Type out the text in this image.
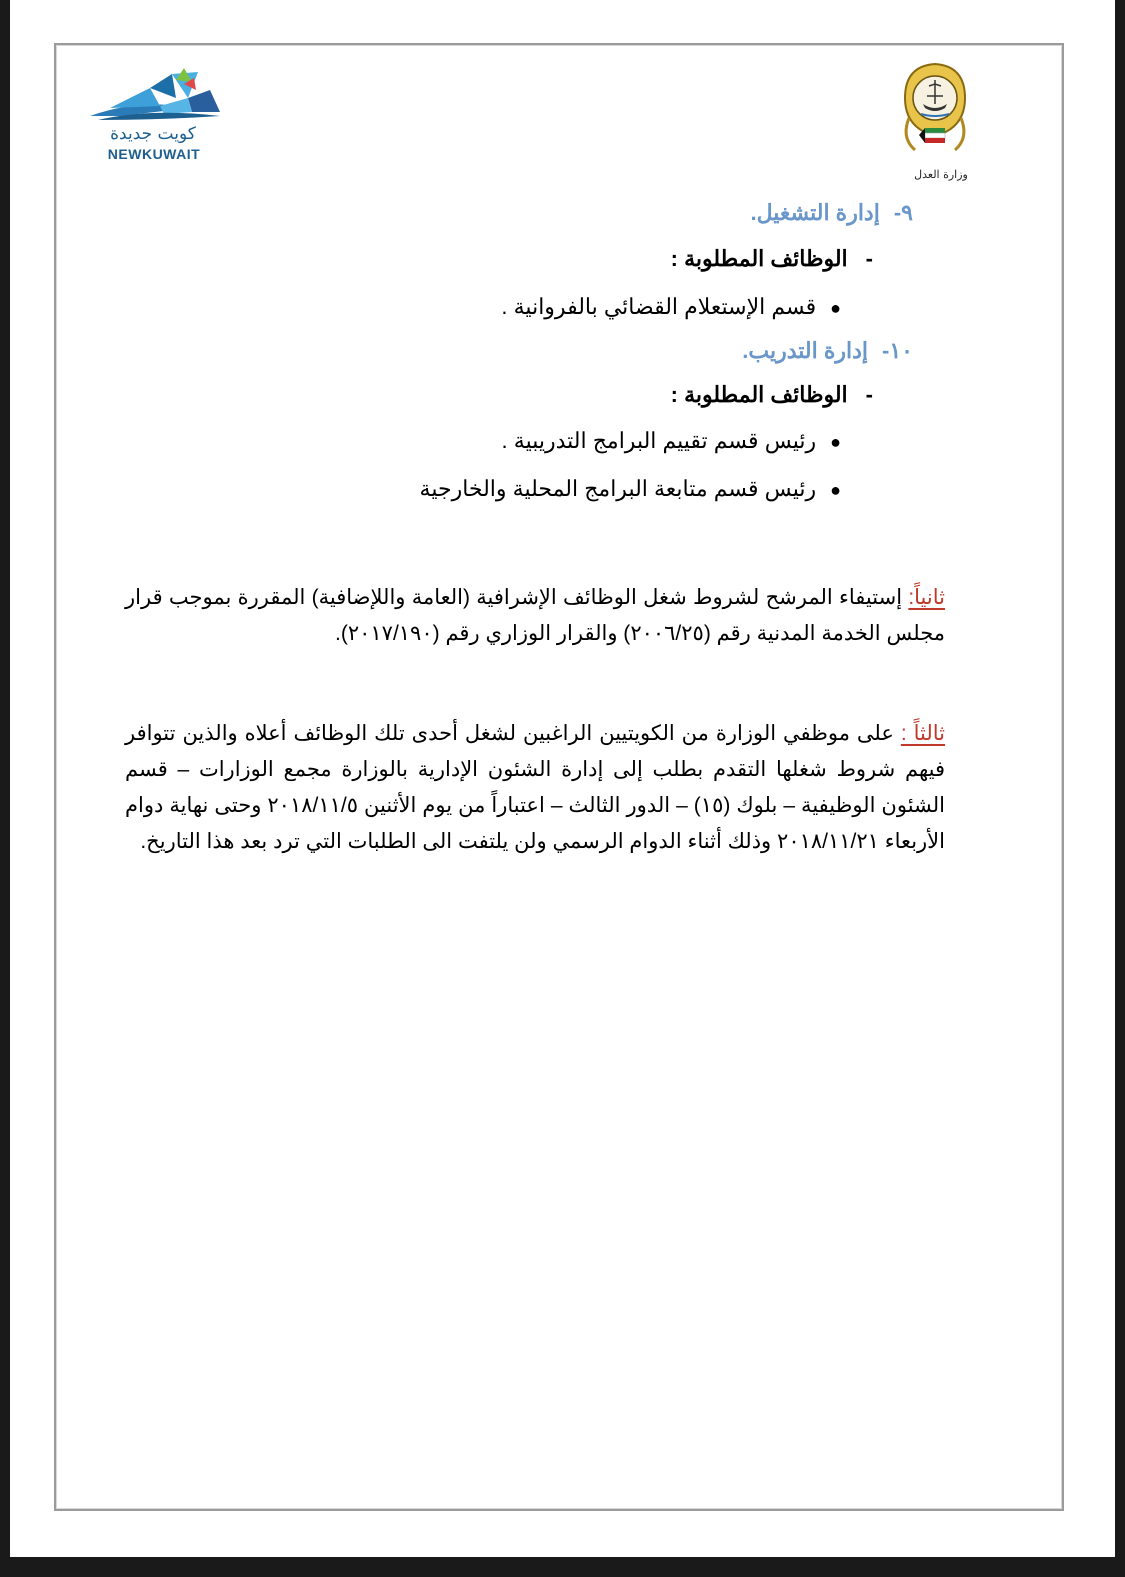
كويت جديدة
NEWKUWAIT
وزارة العدل
٩-إدارة التشغيل.
-الوظائف المطلوبة :
●قسم الإستعلام القضائي بالفروانية .
١٠-إدارة التدريب.
-الوظائف المطلوبة :
●رئيس قسم تقييم البرامج التدريبية .
●رئيس قسم متابعة البرامج المحلية والخارجية
ثانياً: إستيفاء المرشح لشروط شغل الوظائف الإشرافية (العامة واللإضافية) المقررة بموجب قرار مجلس الخدمة المدنية رقم (٢٠٠٦/٢٥) والقرار الوزاري رقم (٢٠١٧/١٩٠).
ثالثاً : على موظفي الوزارة من الكويتيين الراغبين لشغل أحدى تلك الوظائف أعلاه والذين تتوافر فيهم شروط شغلها التقدم بطلب إلى إدارة الشئون الإدارية بالوزارة مجمع الوزارات – قسم الشئون الوظيفية – بلوك (١٥) – الدور الثالث – اعتباراً من يوم الأثنين ٢٠١٨/١١/٥ وحتى نهاية دوام الأربعاء ٢٠١٨/١١/٢١ وذلك أثناء الدوام الرسمي ولن يلتفت الى الطلبات التي ترد بعد هذا التاريخ.
